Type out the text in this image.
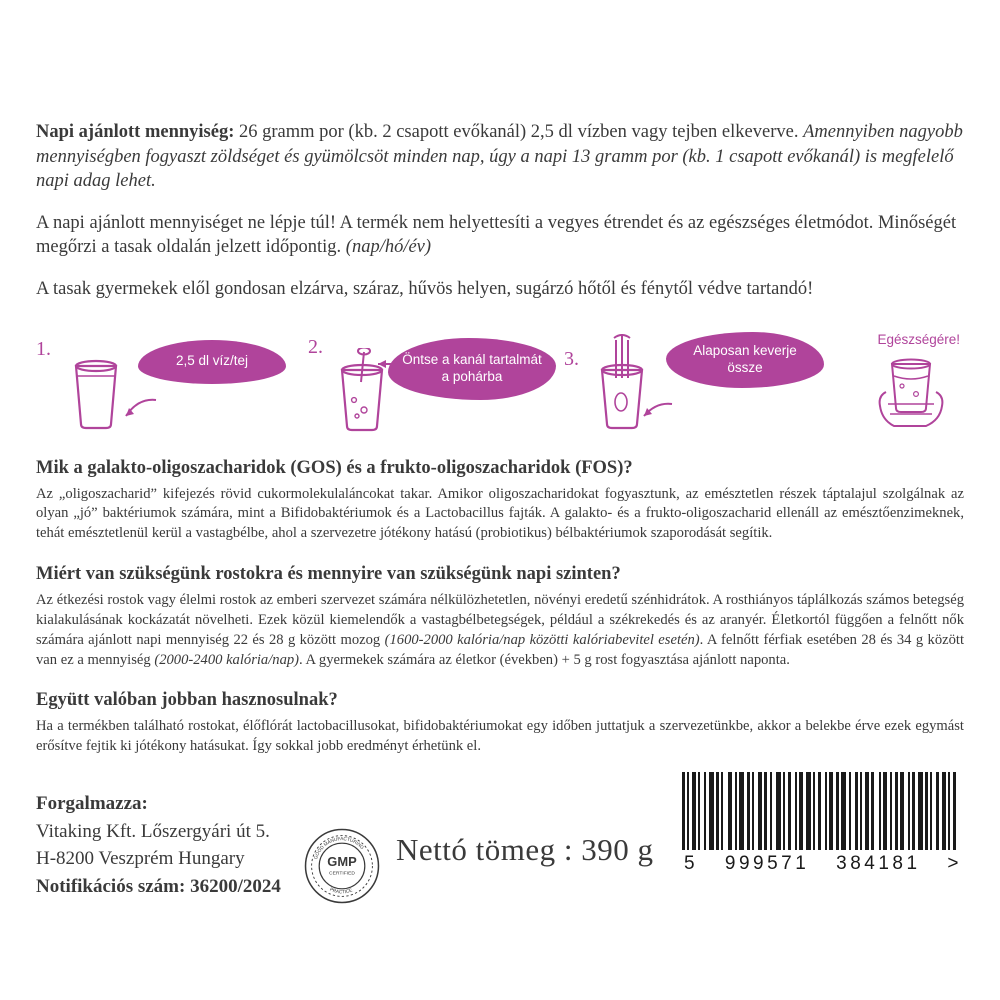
Napi ajánlott mennyiség: 26 gramm por (kb. 2 csapott evőkanál) 2,5 dl vízben vagy tejben elkeverve. Amennyiben nagyobb mennyiségben fogyaszt zöldséget és gyümölcsöt minden nap, úgy a napi 13 gramm por (kb. 1 csapott evőkanál) is megfelelő napi adag lehet.
A napi ajánlott mennyiséget ne lépje túl! A termék nem helyettesíti a vegyes étrendet és az egészséges életmódot. Minőségét megőrzi a tasak oldalán jelzett időpontig. (nap/hó/év)
A tasak gyermekek elől gondosan elzárva, száraz, hűvös helyen, sugárzó hőtől és fénytől védve tartandó!
1.
2,5 dl víz/tej
2.
Öntse a kanál tartalmát a pohárba
3.	Alaposan keverje össze
Egészségére!
Mik a galakto-oligoszacharidok (GOS) és a frukto-oligoszacharidok (FOS)?

Az „oligoszacharid” kifejezés rövid cukormolekulaláncokat takar. Amikor oligoszacharidokat fogyasztunk, az emésztetlen részek táptalajul szolgálnak az olyan „jó” baktériumok számára, mint a Bifidobaktériumok és a Lactobacillus fajták. A galakto- és a frukto-oligoszacharid ellenáll az emésztőenzimeknek, tehát emésztetlenül kerül a vastagbélbe, ahol a szervezetre jótékony hatású (probiotikus) bélbaktériumok szaporodását segítik.

Miért van szükségünk rostokra és mennyire van szükségünk napi szinten?

Az étkezési rostok vagy élelmi rostok az emberi szervezet számára nélkülözhetetlen, növényi eredetű szénhidrátok. A rosthiányos táplálkozás számos betegség kialakulásának kockázatát növelheti. Ezek közül kiemelendők a vastagbélbetegségek, például a székrekedés és az aranyér. Életkortól függően a felnőtt nők számára ajánlott napi mennyiség 22 és 28 g között mozog (1600-2000 kalória/nap közötti kalóriabevitel esetén). A felnőtt férfiak esetében 28 és 34 g között van ez a mennyiség (2000-2400 kalória/nap). A gyermekek számára az életkor (években) + 5 g rost fogyasztása ajánlott naponta.

Együtt valóban jobban hasznosulnak?

Ha a termékben található rostokat, élőflórát lactobacillusokat, bifidobaktériumokat egy időben juttatjuk a szervezetünkbe, akkor a belekbe érve ezek egymást erősítve fejtik ki jótékony hatásukat. Így sokkal jobb eredményt érhetünk el.

Forgalmazza:
Vitaking Kft. Lőszergyári út 5.
H-8200 Veszprém Hungary
Notifikációs szám: 36200/2024
GMP
CERTIFIED
GOOD MANUFACTURING
PRACTICE
Nettó tömeg : 390 g 5 999571 384181 >
